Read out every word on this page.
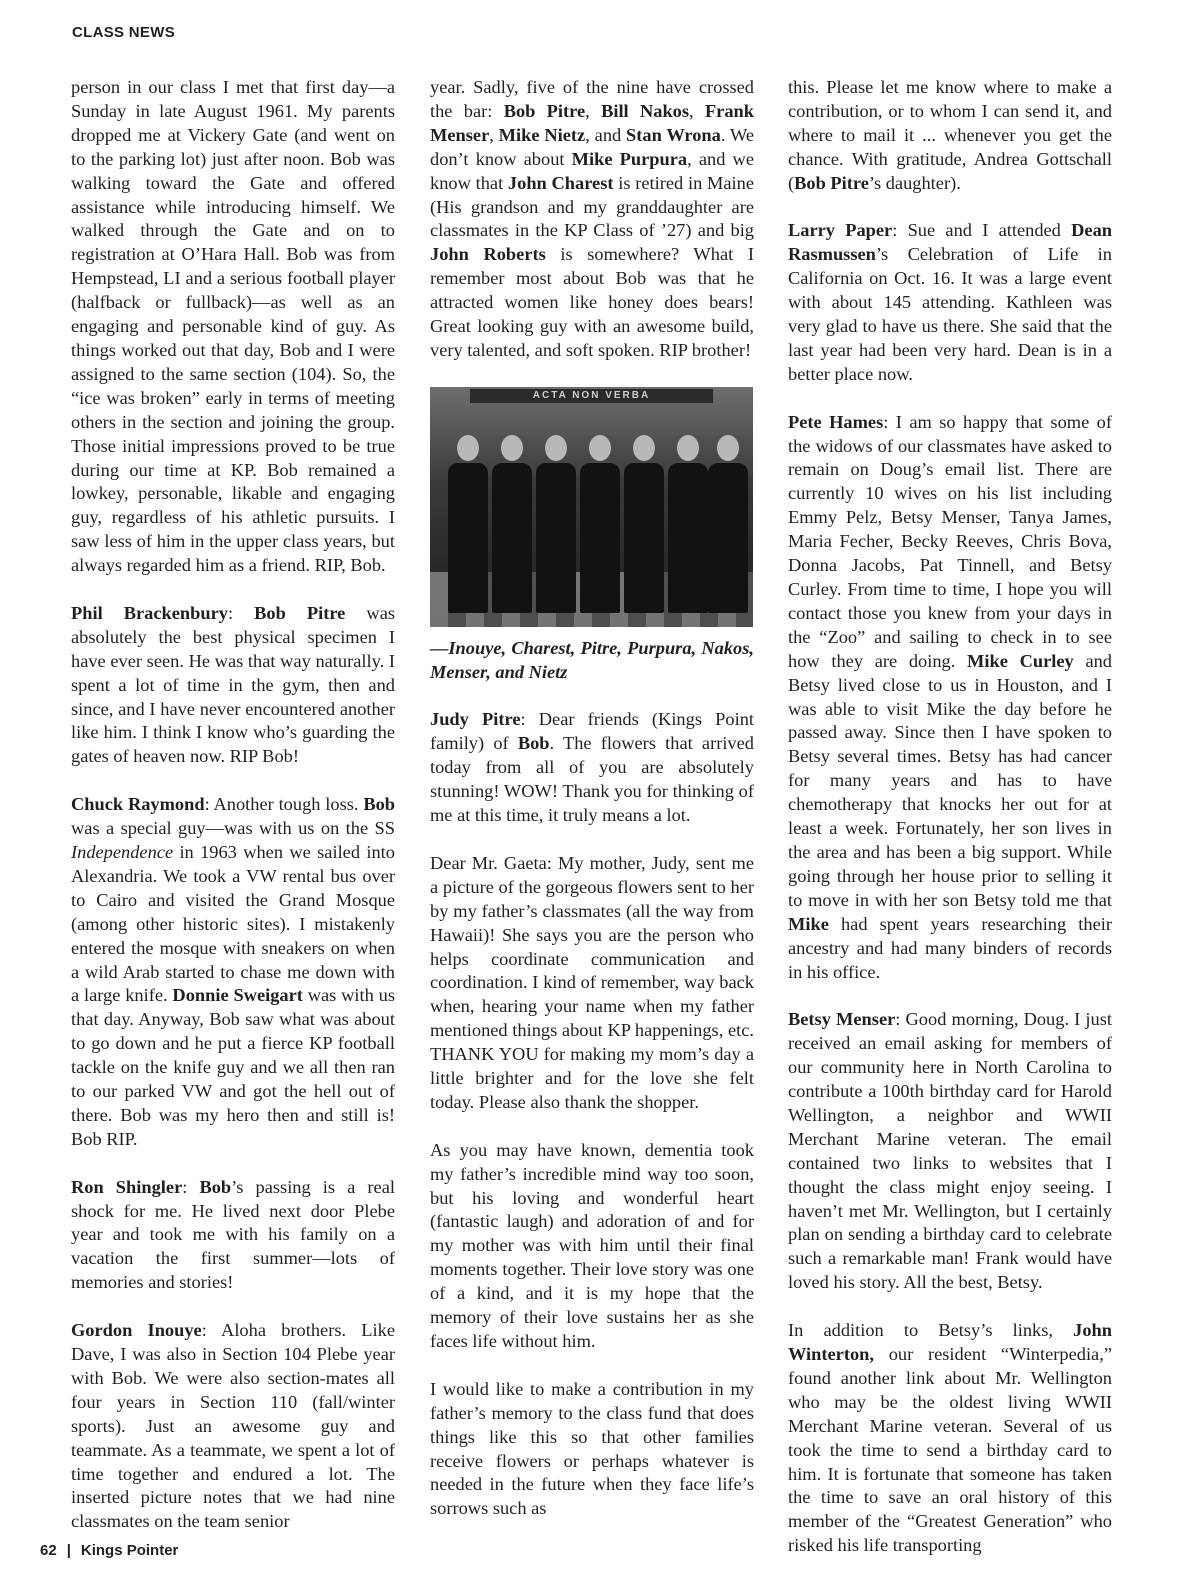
CLASS NEWS

person in our class I met that first day—a Sunday in late August 1961. My parents dropped me at Vickery Gate (and went on to the parking lot) just after noon. Bob was walking toward the Gate and offered assistance while introducing himself. We walked through the Gate and on to registration at O’Hara Hall. Bob was from Hempstead, LI and a serious football player (halfback or fullback)—as well as an engaging and personable kind of guy. As things worked out that day, Bob and I were assigned to the same section (104). So, the “ice was broken” early in terms of meeting others in the section and joining the group. Those initial impressions proved to be true during our time at KP. Bob remained a lowkey, personable, likable and engaging guy, regardless of his athletic pursuits. I saw less of him in the upper class years, but always regarded him as a friend. RIP, Bob.

Phil Brackenbury: Bob Pitre was absolutely the best physical specimen I have ever seen. He was that way naturally. I spent a lot of time in the gym, then and since, and I have never encountered another like him. I think I know who’s guarding the gates of heaven now. RIP Bob!

Chuck Raymond: Another tough loss. Bob was a special guy—was with us on the SS Independence in 1963 when we sailed into Alexandria. We took a VW rental bus over to Cairo and visited the Grand Mosque (among other historic sites). I mistakenly entered the mosque with sneakers on when a wild Arab started to chase me down with a large knife. Donnie Sweigart was with us that day. Anyway, Bob saw what was about to go down and he put a fierce KP football tackle on the knife guy and we all then ran to our parked VW and got the hell out of there. Bob was my hero then and still is! Bob RIP.

Ron Shingler: Bob’s passing is a real shock for me. He lived next door Plebe year and took me with his family on a vacation the first summer—lots of memories and stories!

Gordon Inouye: Aloha brothers. Like Dave, I was also in Section 104 Plebe year with Bob. We were also section-mates all four years in Section 110 (fall/winter sports). Just an awesome guy and teammate. As a teammate, we spent a lot of time together and endured a lot. The inserted picture notes that we had nine classmates on the team senior

year. Sadly, five of the nine have crossed the bar: Bob Pitre, Bill Nakos, Frank Menser, Mike Nietz, and Stan Wrona. We don’t know about Mike Purpura, and we know that John Charest is retired in Maine (His grandson and my granddaughter are classmates in the KP Class of ’27) and big John Roberts is somewhere? What I remember most about Bob was that he attracted women like honey does bears! Great looking guy with an awesome build, very talented, and soft spoken. RIP brother!

ACTA NON VERBA

—Inouye, Charest, Pitre, Purpura, Nakos, Menser, and Nietz

Judy Pitre: Dear friends (Kings Point family) of Bob. The flowers that arrived today from all of you are absolutely stunning! WOW! Thank you for thinking of me at this time, it truly means a lot.

Dear Mr. Gaeta: My mother, Judy, sent me a picture of the gorgeous flowers sent to her by my father’s classmates (all the way from Hawaii)! She says you are the person who helps coordinate communication and coordination. I kind of remember, way back when, hearing your name when my father mentioned things about KP happenings, etc. THANK YOU for making my mom’s day a little brighter and for the love she felt today. Please also thank the shopper.

As you may have known, dementia took my father’s incredible mind way too soon, but his loving and wonderful heart (fantastic laugh) and adoration of and for my mother was with him until their final moments together. Their love story was one of a kind, and it is my hope that the memory of their love sustains her as she faces life without him.

I would like to make a contribution in my father’s memory to the class fund that does things like this so that other families receive flowers or perhaps whatever is needed in the future when they face life’s sorrows such as

this. Please let me know where to make a contribution, or to whom I can send it, and where to mail it ... whenever you get the chance. With gratitude, Andrea Gottschall (Bob Pitre’s daughter).

Larry Paper: Sue and I attended Dean Rasmussen’s Celebration of Life in California on Oct. 16. It was a large event with about 145 attending. Kathleen was very glad to have us there. She said that the last year had been very hard. Dean is in a better place now.

Pete Hames: I am so happy that some of the widows of our classmates have asked to remain on Doug’s email list. There are currently 10 wives on his list including Emmy Pelz, Betsy Menser, Tanya James, Maria Fecher, Becky Reeves, Chris Bova, Donna Jacobs, Pat Tinnell, and Betsy Curley. From time to time, I hope you will contact those you knew from your days in the “Zoo” and sailing to check in to see how they are doing. Mike Curley and Betsy lived close to us in Houston, and I was able to visit Mike the day before he passed away. Since then I have spoken to Betsy several times. Betsy has had cancer for many years and has to have chemotherapy that knocks her out for at least a week. Fortunately, her son lives in the area and has been a big support. While going through her house prior to selling it to move in with her son Betsy told me that Mike had spent years researching their ancestry and had many binders of records in his office.

Betsy Menser: Good morning, Doug. I just received an email asking for members of our community here in North Carolina to contribute a 100th birthday card for Harold Wellington, a neighbor and WWII Merchant Marine veteran. The email contained two links to websites that I thought the class might enjoy seeing. I haven’t met Mr. Wellington, but I certainly plan on sending a birthday card to celebrate such a remarkable man! Frank would have loved his story. All the best, Betsy.

In addition to Betsy’s links, John Winterton, our resident “Winterpedia,” found another link about Mr. Wellington who may be the oldest living WWII Merchant Marine veteran. Several of us took the time to send a birthday card to him. It is fortunate that someone has taken the time to save an oral history of this member of the “Greatest Generation” who risked his life transporting

62 | Kings Pointer
